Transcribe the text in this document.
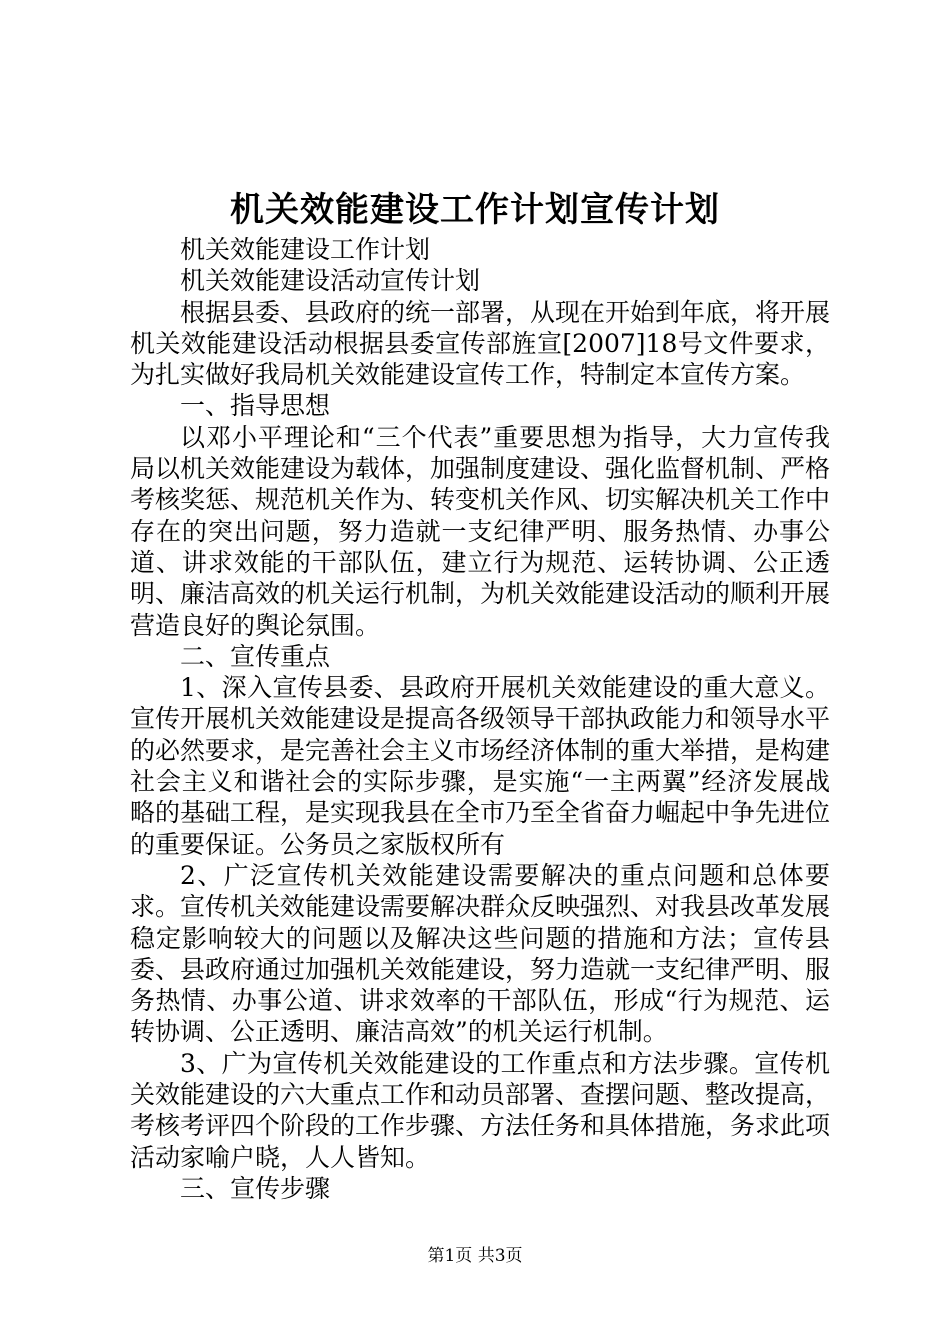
机关效能建设工作计划宣传计划

机关效能建设工作计划

机关效能建设活动宣传计划

根据县委、县政府的统一部署，从现在开始到年底，将开展机关效能建设活动根据县委宣传部旌宣[2007]18号文件要求，为扎实做好我局机关效能建设宣传工作，特制定本宣传方案。

一、指导思想

以邓小平理论和“三个代表”重要思想为指导，大力宣传我局以机关效能建设为载体，加强制度建设、强化监督机制、严格考核奖惩、规范机关作为、转变机关作风、切实解决机关工作中存在的突出问题，努力造就一支纪律严明、服务热情、办事公道、讲求效能的干部队伍，建立行为规范、运转协调、公正透明、廉洁高效的机关运行机制，为机关效能建设活动的顺利开展营造良好的舆论氛围。

二、宣传重点

1、深入宣传县委、县政府开展机关效能建设的重大意义。宣传开展机关效能建设是提高各级领导干部执政能力和领导水平的必然要求，是完善社会主义市场经济体制的重大举措，是构建社会主义和谐社会的实际步骤，是实施“一主两翼”经济发展战略的基础工程，是实现我县在全市乃至全省奋力崛起中争先进位的重要保证。公务员之家版权所有

2、广泛宣传机关效能建设需要解决的重点问题和总体要求。宣传机关效能建设需要解决群众反映强烈、对我县改革发展稳定影响较大的问题以及解决这些问题的措施和方法；宣传县委、县政府通过加强机关效能建设，努力造就一支纪律严明、服务热情、办事公道、讲求效率的干部队伍，形成“行为规范、运转协调、公正透明、廉洁高效”的机关运行机制。

3、广为宣传机关效能建设的工作重点和方法步骤。宣传机关效能建设的六大重点工作和动员部署、查摆问题、整改提高，考核考评四个阶段的工作步骤、方法任务和具体措施，务求此项活动家喻户晓，人人皆知。

三、宣传步骤

第1页 共3页
